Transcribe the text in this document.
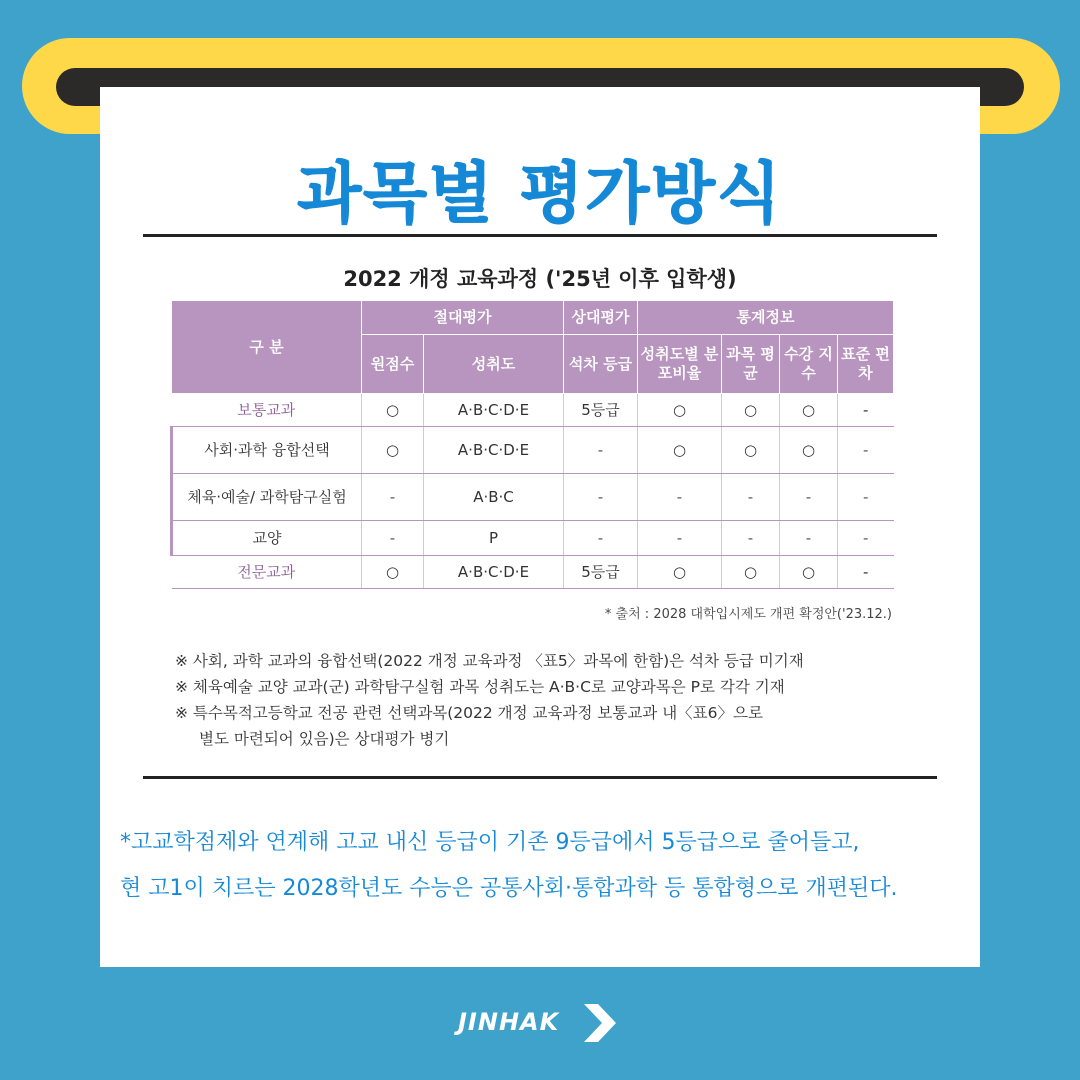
과목별 평가방식
2022 개정 교육과정 ('25년 이후 입학생)
구 분	절대평가		상대평가	통계정보			
	원점수	성취도	석차 등급	성취도별 분포비율	과목 평균	수강 지수	표준 편차
보통교과	○	A·B·C·D·E	5등급	○	○	○	-
사회·과학 융합선택	○	A·B·C·D·E	-	○	○	○	-
체육·예술/ 과학탐구실험	-	A·B·C	-	-	-	-	-
교양	-	P	-	-	-	-	-
전문교과	○	A·B·C·D·E	5등급	○	○	○	-
* 출처 : 2028 대학입시제도 개편 확정안('23.12.)

※ 사회, 과학 교과의 융합선택(2022 개정 교육과정 〈표5〉과목에 한함)은 석차 등급 미기재

※ 체육예술 교양 교과(군) 과학탐구실험 과목 성취도는 A·B·C로 교양과목은 P로 각각 기재

※ 특수목적고등학교 전공 관련 선택과목(2022 개정 교육과정 보통교과 내〈표6〉으로

별도 마련되어 있음)은 상대평가 병기

*고교학점제와 연계해 고교 내신 등급이 기존 9등급에서 5등급으로 줄어들고,

현 고1이 치르는 2028학년도 수능은 공통사회·통합과학 등 통합형으로 개편된다.

JINHAK
